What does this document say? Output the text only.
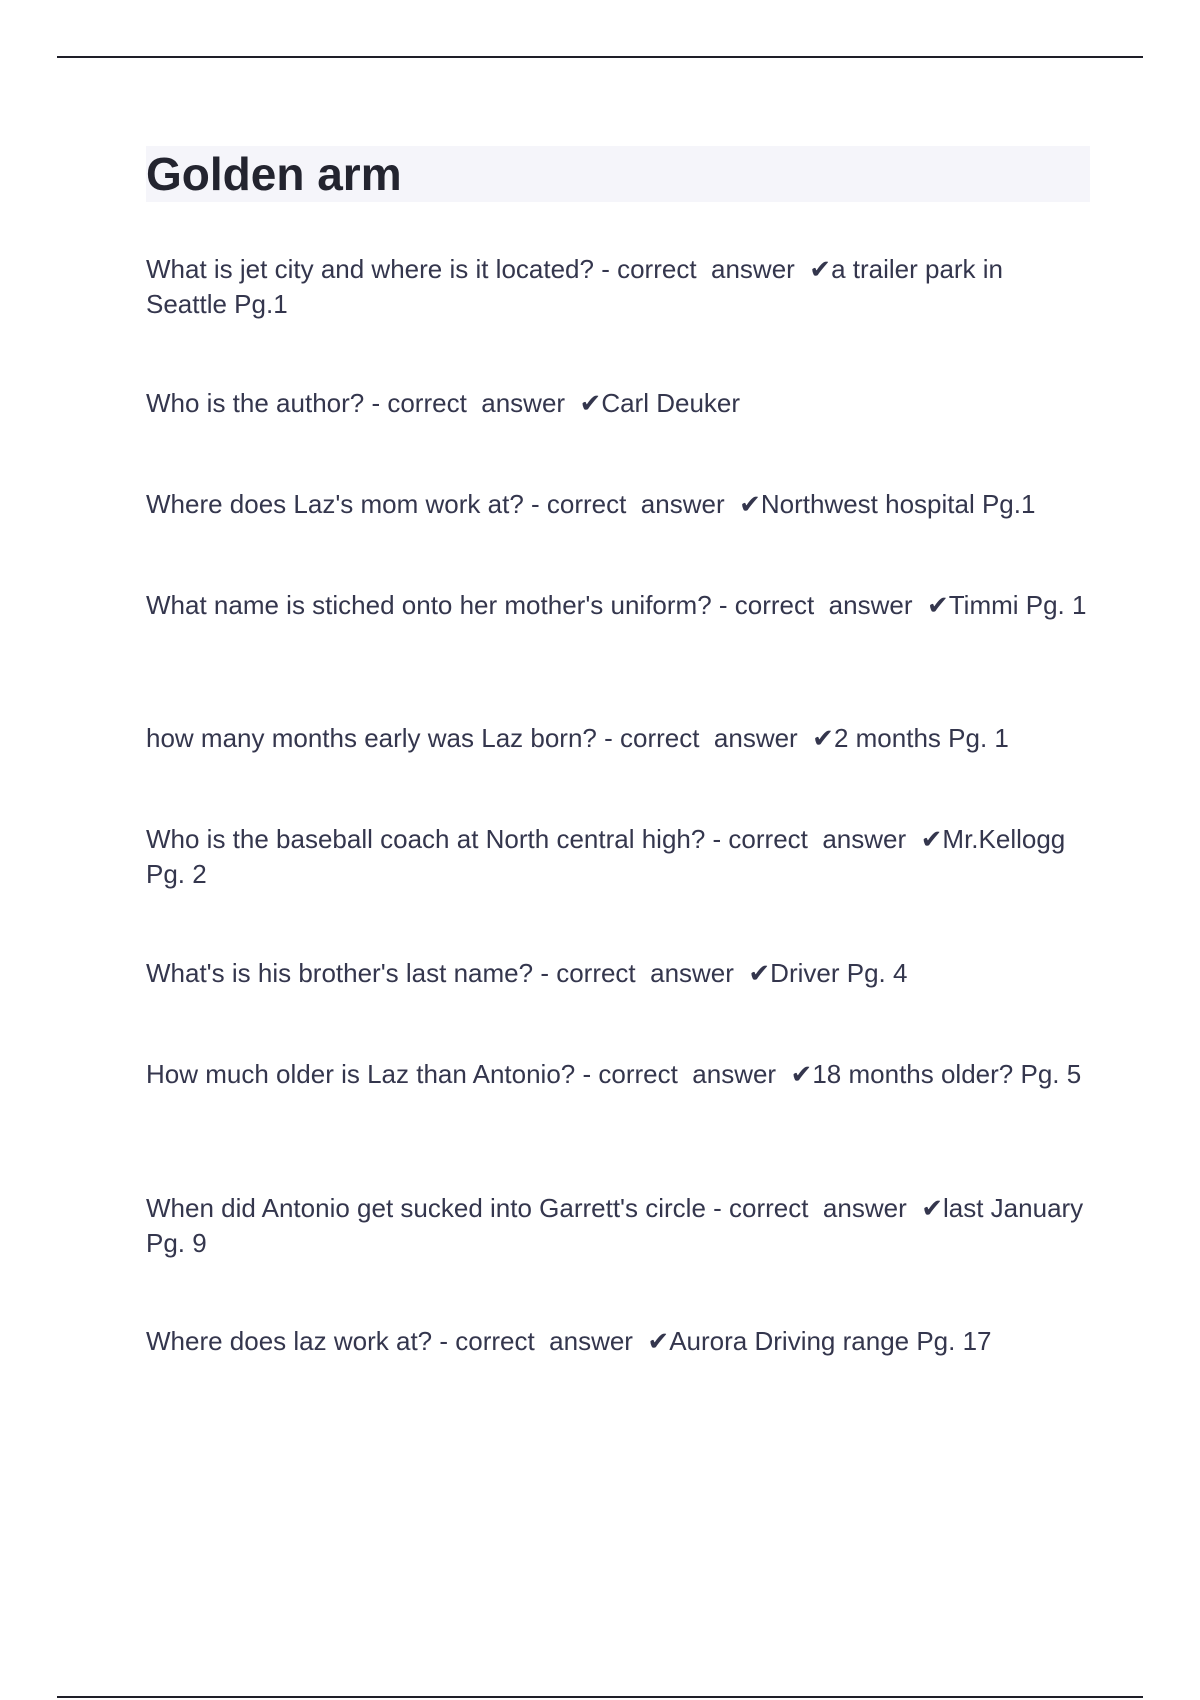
Golden arm
What is jet city and where is it located? - correct  answer  ✔a trailer park in Seattle Pg.1
Who is the author? - correct  answer  ✔Carl Deuker
Where does Laz's mom work at? - correct  answer  ✔Northwest hospital Pg.1
What name is stiched onto her mother's uniform? - correct  answer  ✔Timmi Pg. 1
how many months early was Laz born? - correct  answer  ✔2 months Pg. 1
Who is the baseball coach at North central high? - correct  answer  ✔Mr.Kellogg Pg. 2
What's is his brother's last name? - correct  answer  ✔Driver Pg. 4
How much older is Laz than Antonio? - correct  answer  ✔18 months older? Pg. 5
When did Antonio get sucked into Garrett's circle - correct  answer  ✔last January Pg. 9
Where does laz work at? - correct  answer  ✔Aurora Driving range Pg. 17
